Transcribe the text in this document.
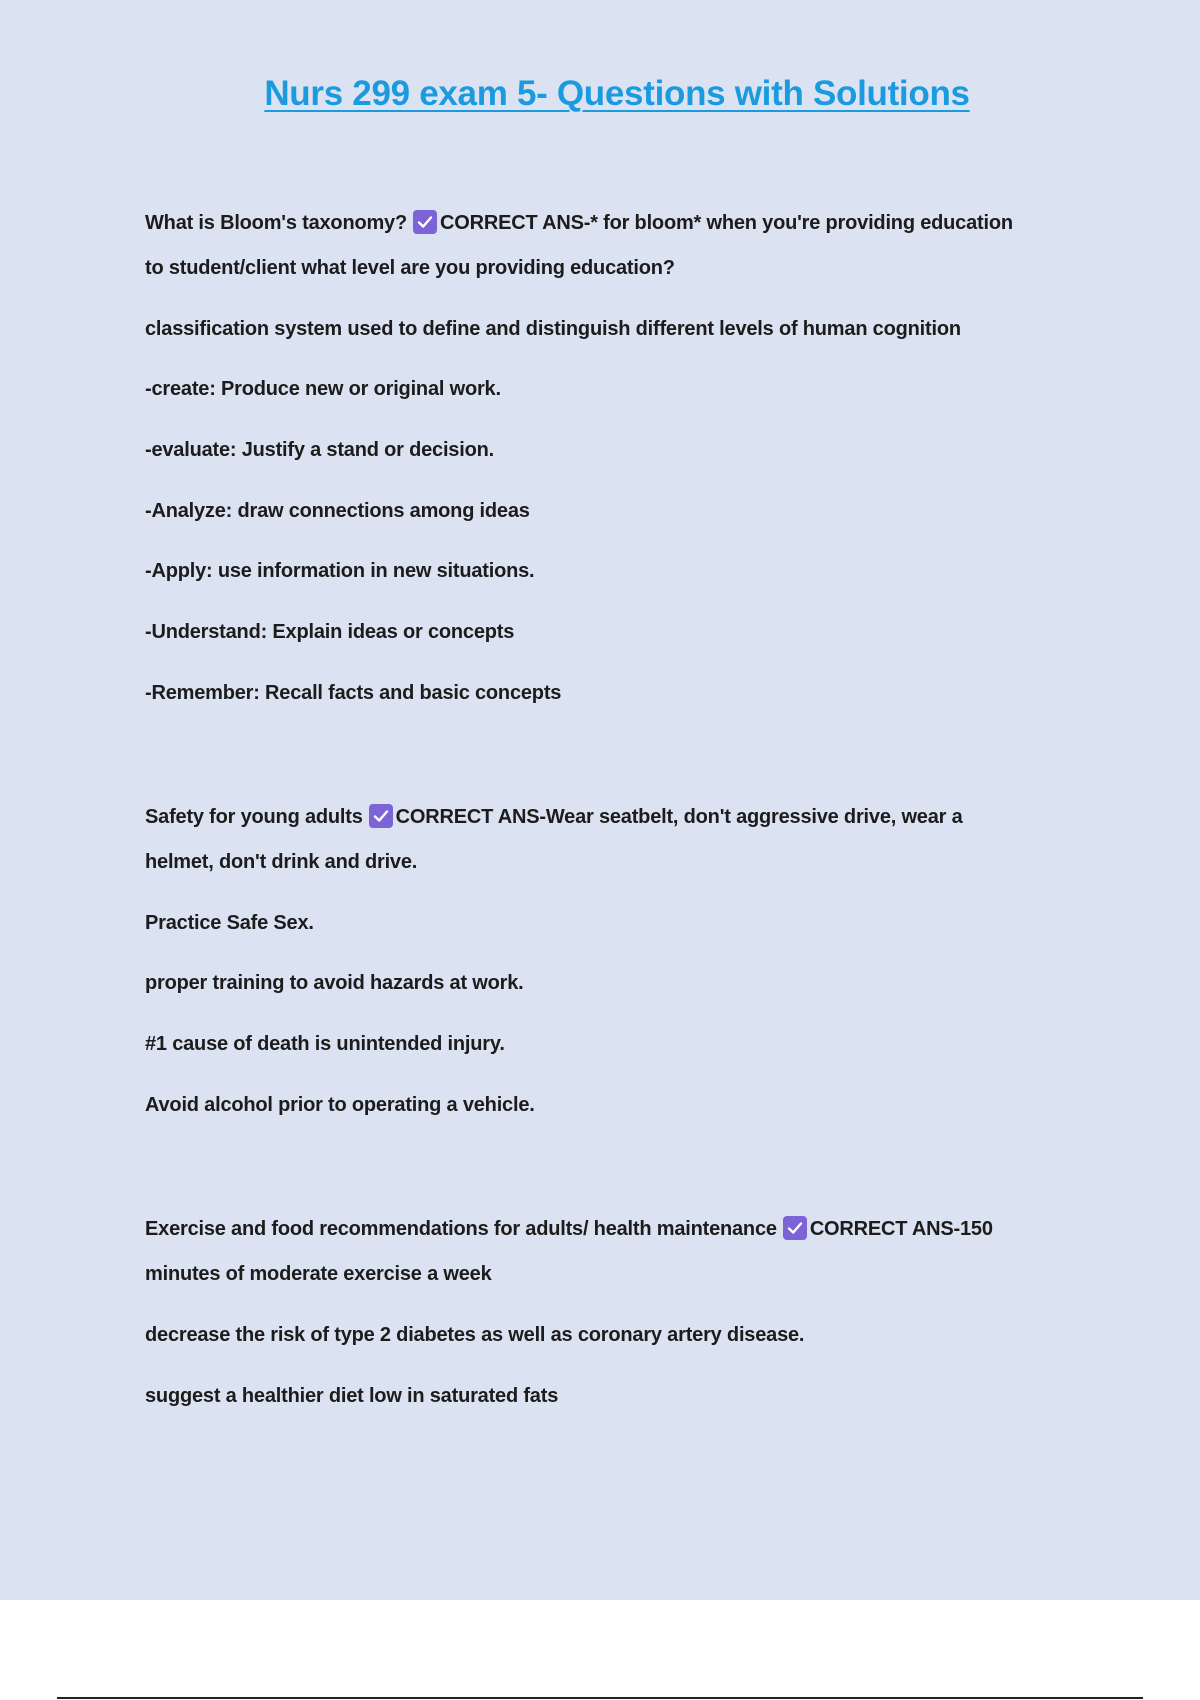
Nurs 299 exam 5- Questions with Solutions
What is Bloom's taxonomy? CORRECT ANS-* for bloom* when you're providing education
to student/client what level are you providing education?
classification system used to define and distinguish different levels of human cognition
-create: Produce new or original work.
-evaluate: Justify a stand or decision.
-Analyze: draw connections among ideas
-Apply: use information in new situations.
-Understand: Explain ideas or concepts
-Remember: Recall facts and basic concepts
Safety for young adults CORRECT ANS-Wear seatbelt, don't aggressive drive, wear a
helmet, don't drink and drive.
Practice Safe Sex.
proper training to avoid hazards at work.
#1 cause of death is unintended injury.
Avoid alcohol prior to operating a vehicle.
Exercise and food recommendations for adults/ health maintenance CORRECT ANS-150
minutes of moderate exercise a week
decrease the risk of type 2 diabetes as well as coronary artery disease.
suggest a healthier diet low in saturated fats
